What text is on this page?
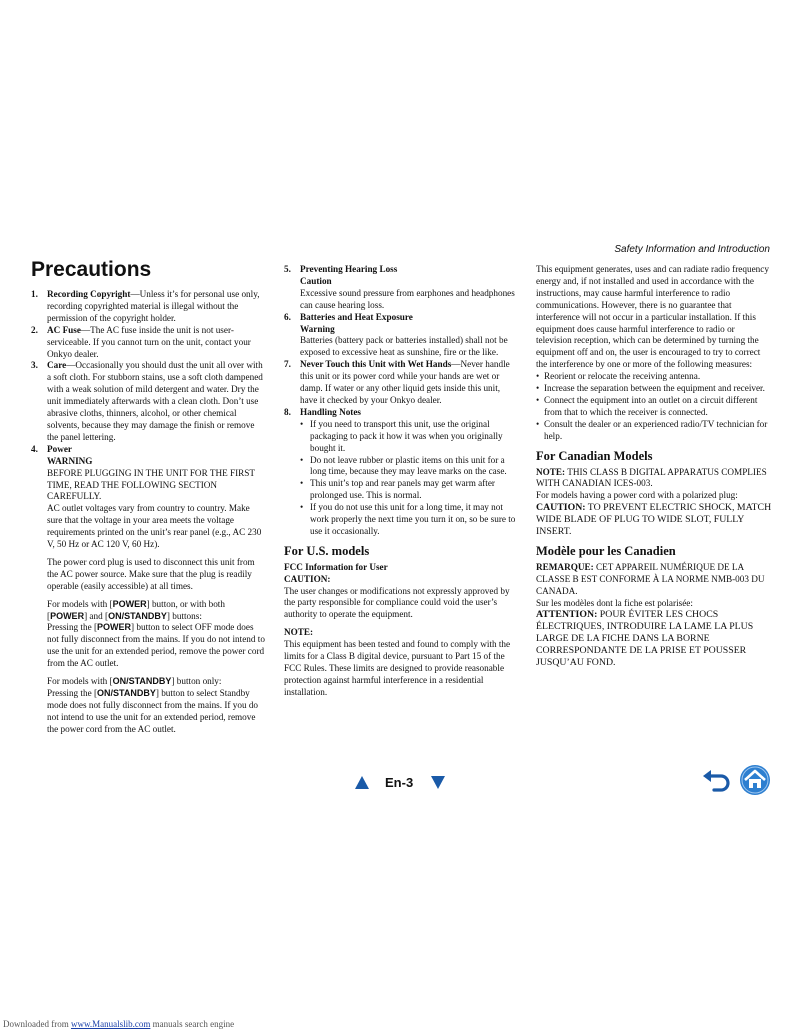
Safety Information and Introduction
Precautions
1. Recording Copyright—Unless it’s for personal use only, recording copyrighted material is illegal without the permission of the copyright holder.
2. AC Fuse—The AC fuse inside the unit is not user-serviceable. If you cannot turn on the unit, contact your Onkyo dealer.
3. Care—Occasionally you should dust the unit all over with a soft cloth. For stubborn stains, use a soft cloth dampened with a weak solution of mild detergent and water. Dry the unit immediately afterwards with a clean cloth. Don’t use abrasive cloths, thinners, alcohol, or other chemical solvents, because they may damage the finish or remove the panel lettering.
4. Power
WARNING
BEFORE PLUGGING IN THE UNIT FOR THE FIRST TIME, READ THE FOLLOWING SECTION CAREFULLY.
AC outlet voltages vary from country to country. Make sure that the voltage in your area meets the voltage requirements printed on the unit’s rear panel (e.g., AC 230 V, 50 Hz or AC 120 V, 60 Hz).
The power cord plug is used to disconnect this unit from the AC power source. Make sure that the plug is readily operable (easily accessible) at all times.
For models with [POWER] button, or with both [POWER] and [ON/STANDBY] buttons:
Pressing the [POWER] button to select OFF mode does not fully disconnect from the mains. If you do not intend to use the unit for an extended period, remove the power cord from the AC outlet.
For models with [ON/STANDBY] button only:
Pressing the [ON/STANDBY] button to select Standby mode does not fully disconnect from the mains. If you do not intend to use the unit for an extended period, remove the power cord from the AC outlet.
5. Preventing Hearing Loss
Caution
Excessive sound pressure from earphones and headphones can cause hearing loss.
6. Batteries and Heat Exposure
Warning
Batteries (battery pack or batteries installed) shall not be exposed to excessive heat as sunshine, fire or the like.
7. Never Touch this Unit with Wet Hands—Never handle this unit or its power cord while your hands are wet or damp. If water or any other liquid gets inside this unit, have it checked by your Onkyo dealer.
8. Handling Notes
• If you need to transport this unit, use the original packaging to pack it how it was when you originally bought it.
• Do not leave rubber or plastic items on this unit for a long time, because they may leave marks on the case.
• This unit’s top and rear panels may get warm after prolonged use. This is normal.
• If you do not use this unit for a long time, it may not work properly the next time you turn it on, so be sure to use it occasionally.
For U.S. models
FCC Information for User
CAUTION:
The user changes or modifications not expressly approved by the party responsible for compliance could void the user’s authority to operate the equipment.
NOTE:
This equipment has been tested and found to comply with the limits for a Class B digital device, pursuant to Part 15 of the FCC Rules. These limits are designed to provide reasonable protection against harmful interference in a residential installation.
This equipment generates, uses and can radiate radio frequency energy and, if not installed and used in accordance with the instructions, may cause harmful interference to radio communications. However, there is no guarantee that interference will not occur in a particular installation. If this equipment does cause harmful interference to radio or television reception, which can be determined by turning the equipment off and on, the user is encouraged to try to correct the interference by one or more of the following measures:
• Reorient or relocate the receiving antenna.
• Increase the separation between the equipment and receiver.
• Connect the equipment into an outlet on a circuit different from that to which the receiver is connected.
• Consult the dealer or an experienced radio/TV technician for help.
For Canadian Models
NOTE: THIS CLASS B DIGITAL APPARATUS COMPLIES WITH CANADIAN ICES-003.
For models having a power cord with a polarized plug:
CAUTION: TO PREVENT ELECTRIC SHOCK, MATCH WIDE BLADE OF PLUG TO WIDE SLOT, FULLY INSERT.
Modèle pour les Canadien
REMARQUE: CET APPAREIL NUMÉRIQUE DE LA CLASSE B EST CONFORME À LA NORME NMB-003 DU CANADA.
Sur les modèles dont la fiche est polarisée:
ATTENTION: POUR ÉVITER LES CHOCS ÉLECTRIQUES, INTRODUIRE LA LAME LA PLUS LARGE DE LA FICHE DANS LA BORNE CORRESPONDANTE DE LA PRISE ET POUSSER JUSQU’AU FOND.
En-3
Downloaded from www.Manualslib.com manuals search engine
